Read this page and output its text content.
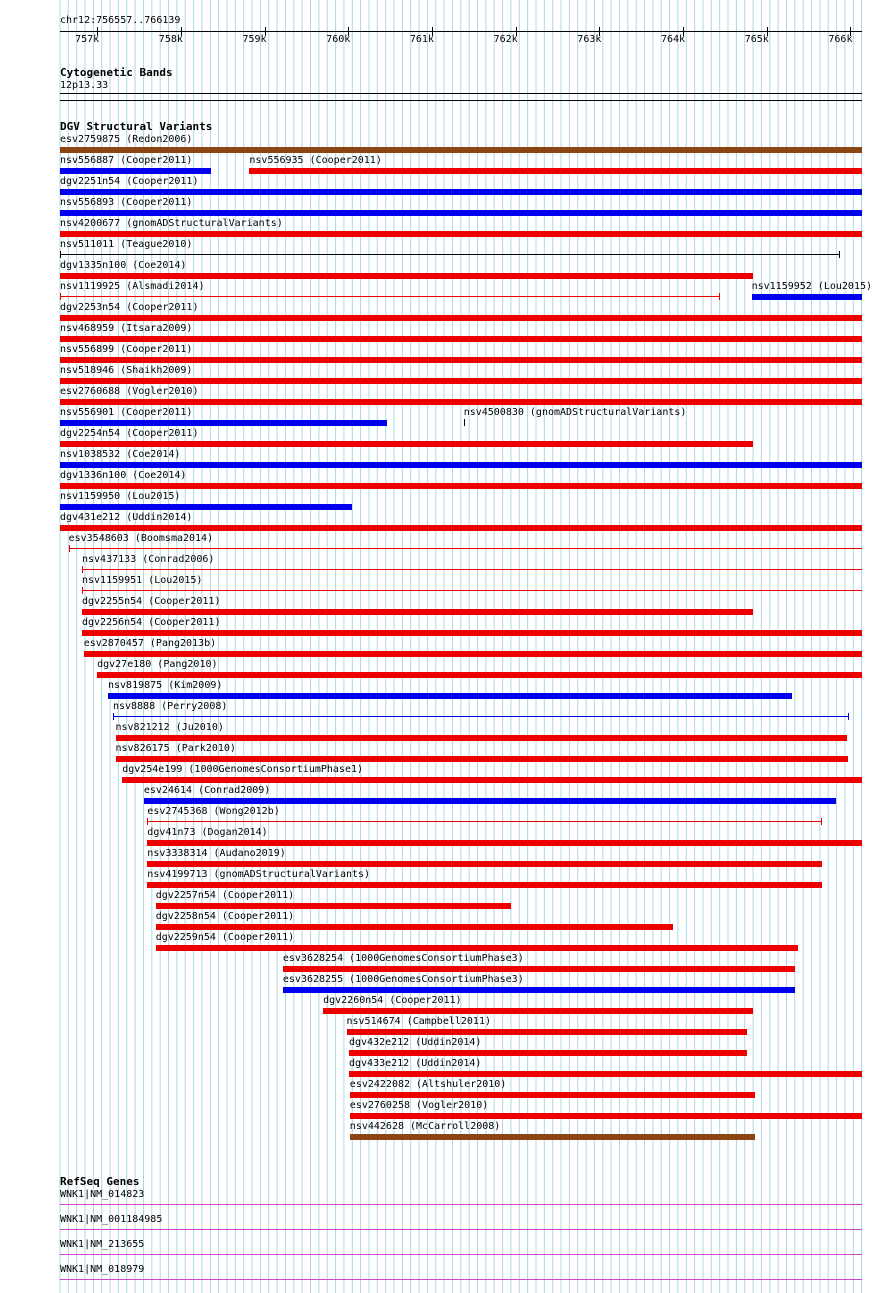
chr12:756557..766139
757k	758k	759k	760k	761k	762k	763k	764k	765k	766k
Cytogenetic Bands
12p13.33
DGV Structural Variants
esv2759875 (Redon2006)
nsv556887 (Cooper2011)	nsv556935 (Cooper2011)
dgv2251n54 (Cooper2011)
nsv556893 (Cooper2011)
nsv4200677 (gnomADStructuralVariants)
nsv511011 (Teague2010)
dgv1335n100 (Coe2014)
nsv1119925 (Alsmadi2014)	nsv1159952 (Lou2015)
dgv2253n54 (Cooper2011)
nsv468959 (Itsara2009)
nsv556899 (Cooper2011)
nsv518946 (Shaikh2009)
esv2760688 (Vogler2010)
nsv556901 (Cooper2011)	nsv4500830 (gnomADStructuralVariants)
dgv2254n54 (Cooper2011)
nsv1038532 (Coe2014)
dgv1336n100 (Coe2014)
nsv1159950 (Lou2015)
dgv431e212 (Uddin2014)
esv3548603 (Boomsma2014)
nsv437133 (Conrad2006)
nsv1159951 (Lou2015)
dgv2255n54 (Cooper2011)
dgv2256n54 (Cooper2011)
esv2870457 (Pang2013b)
dgv27e180 (Pang2010)
nsv819875 (Kim2009)
nsv8888 (Perry2008)
nsv821212 (Ju2010)
nsv826175 (Park2010)
dgv254e199 (1000GenomesConsortiumPhase1)
esv24614 (Conrad2009)
esv2745368 (Wong2012b)
dgv41n73 (Dogan2014)
nsv3338314 (Audano2019)
nsv4199713 (gnomADStructuralVariants)
dgv2257n54 (Cooper2011)
dgv2258n54 (Cooper2011)
dgv2259n54 (Cooper2011)
esv3628254 (1000GenomesConsortiumPhase3)
esv3628255 (1000GenomesConsortiumPhase3)
dgv2260n54 (Cooper2011)
nsv514674 (Campbell2011)
dgv432e212 (Uddin2014)
dgv433e212 (Uddin2014)
esv2422082 (Altshuler2010)
esv2760258 (Vogler2010)
nsv442628 (McCarroll2008)
RefSeq Genes
WNK1|NM_014823
WNK1|NM_001184985
WNK1|NM_213655
WNK1|NM_018979
